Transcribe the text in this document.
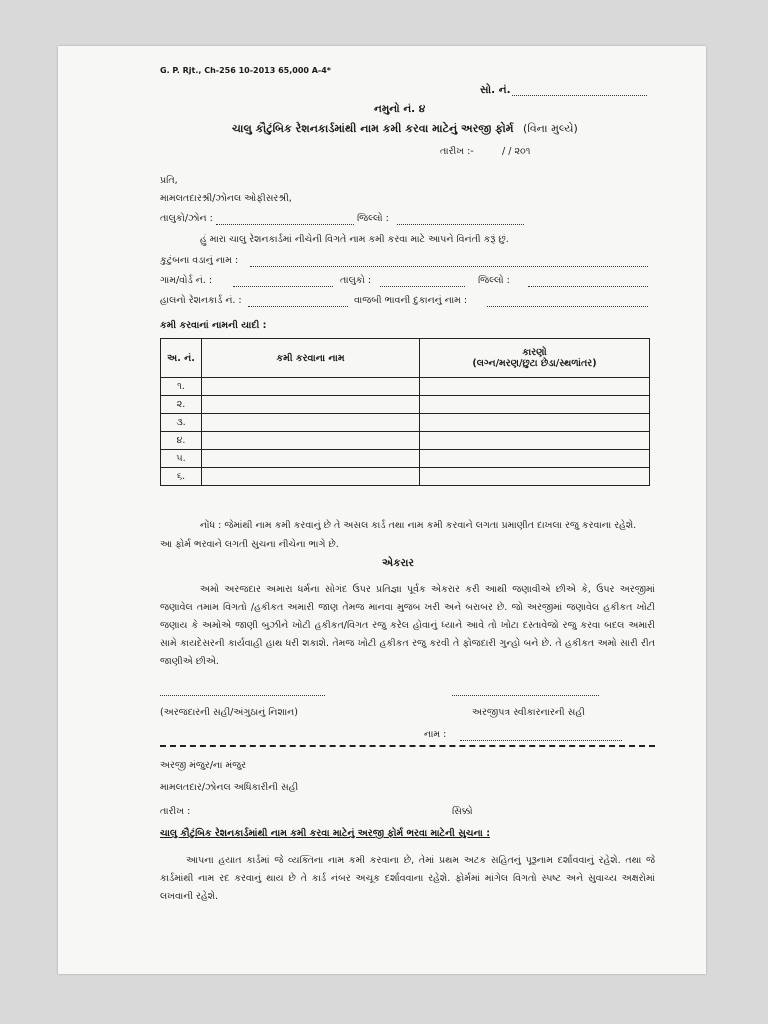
G. P. Rjt., Ch-256 10-2013 65,000 A-4*
સો. નં.
નમુનો નં. ૪
ચાલુ કૌટુંબિક રેશનકાર્ડમાંથી નામ કમી કરવા માટેનું અરજી ફોર્મ (વિના મુલ્યે)
તારીખ :-	/ / ૨૦૧
પ્રતિ,
મામલતદારશ્રી/ઝોનલ ઓફીસરશ્રી,
તાલુકો/ઝોન :	જિલ્લો :
હું મારા ચાલુ રેશનકાર્ડમાં નીચેની વિગતે નામ કમી કરવા માટે આપને વિનંતી કરૂં છું.
કુટુંબના વડાનું નામ :
ગામ/વોર્ડ નં. :	તાલુકો :	જિલ્લો :
હાલનો રેશનકાર્ડ નં. :	વાજબી ભાવની દુકાનનું નામ :
કમી કરવાનાં નામની યાદી :
અ. નં.	કમી કરવાના નામ	કારણો
(લગ્ન/મરણ/છુટા છેડા/સ્થળાંતર)

૧.		
૨.		
૩.		
૪.		
૫.		
૬.		
નોંધ : જેમાંથી નામ કમી કરવાનું છે તે અસલ કાર્ડ તથા નામ કમી કરવાને લગતા પ્રમાણીત દાખલા રજુ કરવાના રહેશે.
આ ફોર્મ ભરવાને લગતી સુચના નીચેના ભાગે છે.
એકરાર
અમો અરજદાર અમારા ધર્મના સોગંદ ઉપર પ્રતિજ્ઞા પૂર્વક એકરાર કરી આથી જણાવીએ છીએ કે, ઉપર અરજીમાં જણાવેલ તમામ વિગતો /હકીકત અમારી જાણ તેમજ માનવા મુજબ ખરી અને બરાબર છે. જો અરજીમાં જણાવેલ હકીકત ખોટી જણાય કે અમોએ જાણી બુઝીને ખોટી હકીકત/વિગત રજુ કરેલ હોવાનું ધ્યાને આવે તો ખોટા દસ્તાવેજો રજુ કરવા બદલ અમારી સામે કાયદેસરની કાર્યવાહી હાથ ધરી શકાશે. તેમજ ખોટી હકીકત રજુ કરવી તે ફોજદારી ગુન્હો બને છે. તે હકીકત અમો સારી રીત જાણીએ છીએ.
(અરજદારની સહી/અંગુઠાનું નિશાન)	અરજીપત્ર સ્વીકારનારની સહી
નામ :
અરજી મંજુર/ના મંજુર
મામલતદાર/ઝોનલ અધિકારીની સહી
તારીખ :	સિક્કો
ચાલુ કૌટુંબિક રેશનકાર્ડમાંથી નામ કમી કરવા માટેનું અરજી ફોર્મ ભરવા માટેની સુચના :
આપના હયાત કાર્ડમાં જે વ્યક્તિના નામ કમી કરવાના છે, તેમાં પ્રથમ અટક સહિતનું પૂરૂનામ દર્શાવવાનું રહેશે. તથા જે કાર્ડમાંથી નામ રદ કરવાનું થાય છે તે કાર્ડ નંબર અચૂક દર્શાવવાના રહેશે. ફોર્મમાં માંગેલ વિગતો સ્પષ્ટ અને સુવાચ્ય અક્ષરોમાં લખવાની રહેશે.
